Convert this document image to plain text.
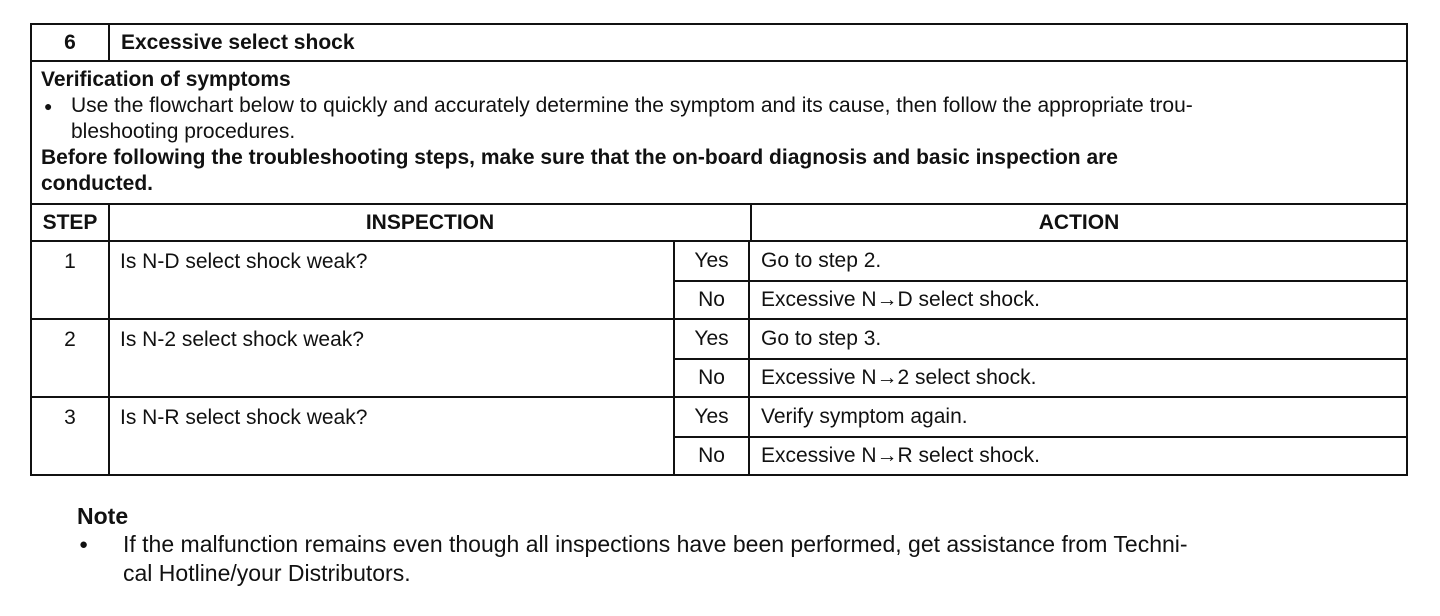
6	Excessive select shock
Verification of symptoms
● Use the flowchart below to quickly and accurately determine the symptom and its cause, then follow the appropriate trou-
bleshooting procedures.
Before following the troubleshooting steps, make sure that the on-board diagnosis and basic inspection are
conducted.
STEP	INSPECTION	ACTION
1	Is N-D select shock weak?	Yes	Go to step 2.
No	Excessive N→D select shock.
2	Is N-2 select shock weak?	Yes	Go to step 3.
No	Excessive N→2 select shock.
3	Is N-R select shock weak?	Yes	Verify symptom again.
No	Excessive N→R select shock.
Note
●	If the malfunction remains even though all inspections have been performed, get assistance from Techni-
cal Hotline/your Distributors.
